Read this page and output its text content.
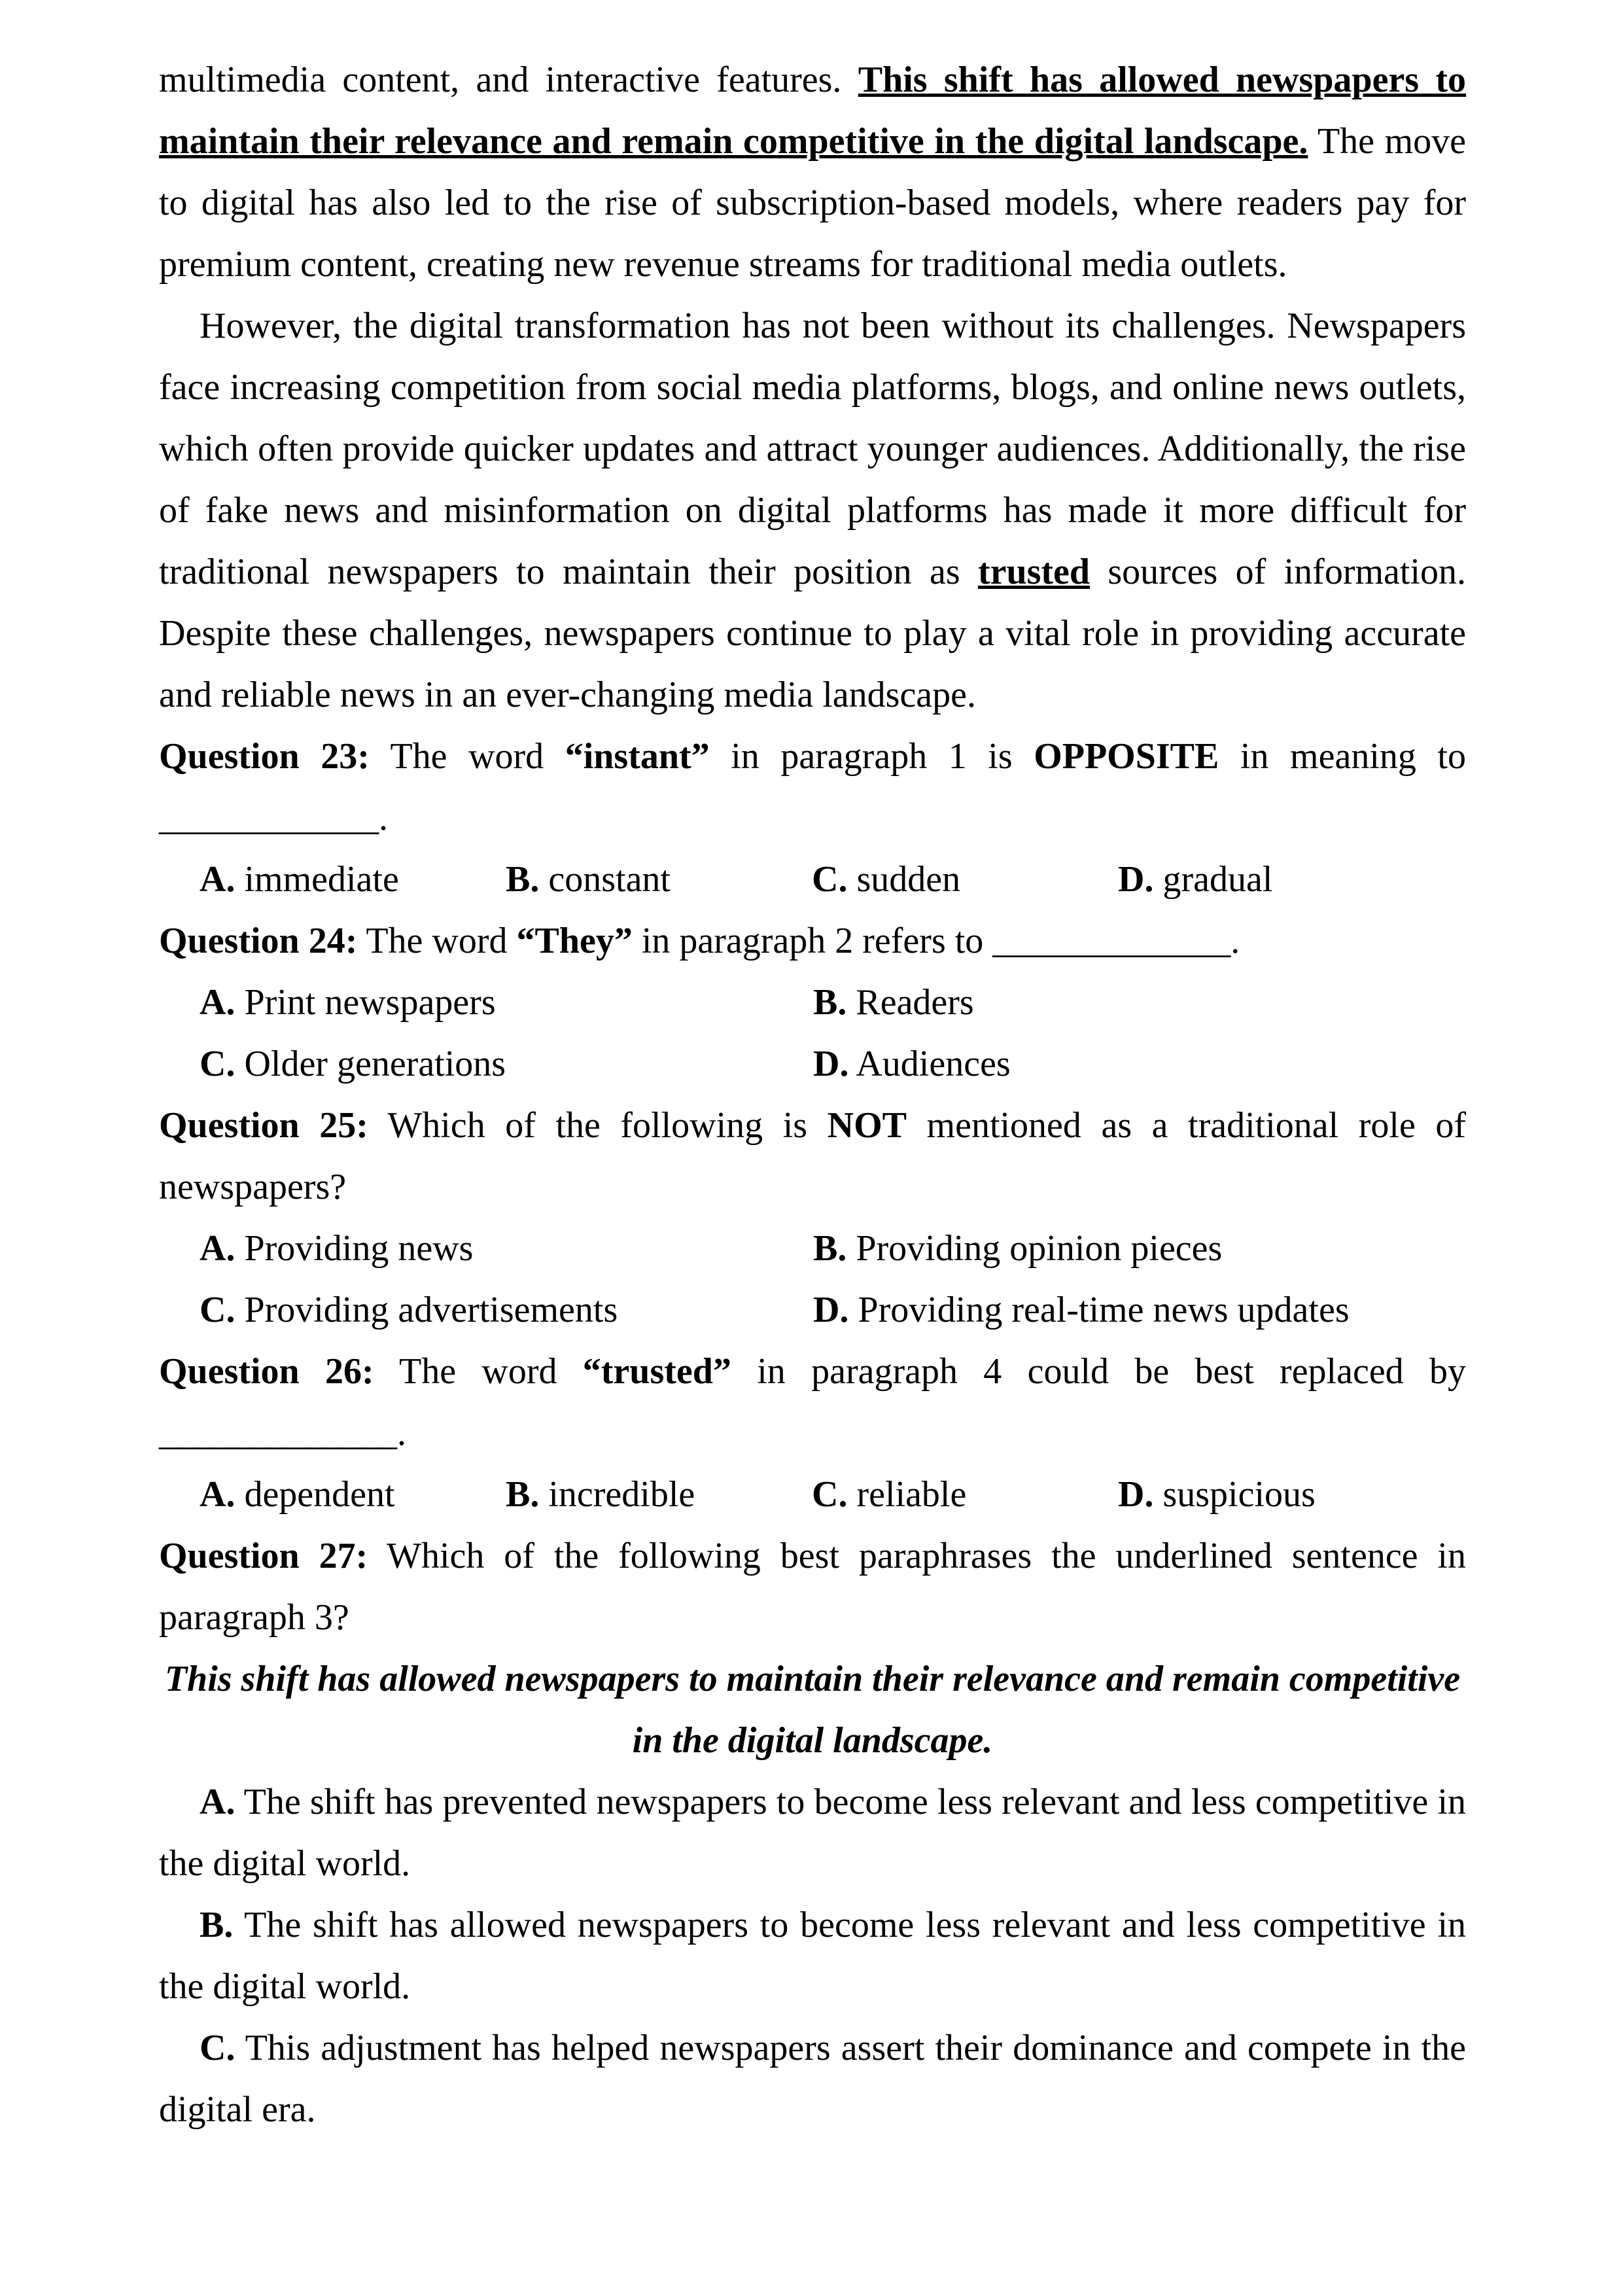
multimedia content, and interactive features. This shift has allowed newspapers to maintain their relevance and remain competitive in the digital landscape. The move to digital has also led to the rise of subscription-based models, where readers pay for premium content, creating new revenue streams for traditional media outlets.

However, the digital transformation has not been without its challenges. Newspapers face increasing competition from social media platforms, blogs, and online news outlets, which often provide quicker updates and attract younger audiences. Additionally, the rise of fake news and misinformation on digital platforms has made it more difficult for traditional newspapers to maintain their position as trusted sources of information. Despite these challenges, newspapers continue to play a vital role in providing accurate and reliable news in an ever-changing media landscape.

Question 23: The word “instant” in paragraph 1 is OPPOSITE in meaning to ____________.

A. immediate	B. constant	C. sudden	D. gradual

Question 24: The word “They” in paragraph 2 refers to _____________.

A. Print newspapers	B. Readers

C. Older generations	D. Audiences

Question 25: Which of the following is NOT mentioned as a traditional role of newspapers?

A. Providing news	B. Providing opinion pieces

C. Providing advertisements	D. Providing real-time news updates

Question 26: The word “trusted” in paragraph 4 could be best replaced by _____________.

A. dependent	B. incredible	C. reliable	D. suspicious

Question 27: Which of the following best paraphrases the underlined sentence in paragraph 3?

This shift has allowed newspapers to maintain their relevance and remain competitive in the digital landscape.

A. The shift has prevented newspapers to become less relevant and less competitive in the digital world.

B. The shift has allowed newspapers to become less relevant and less competitive in the digital world.

C. This adjustment has helped newspapers assert their dominance and compete in the digital era.
